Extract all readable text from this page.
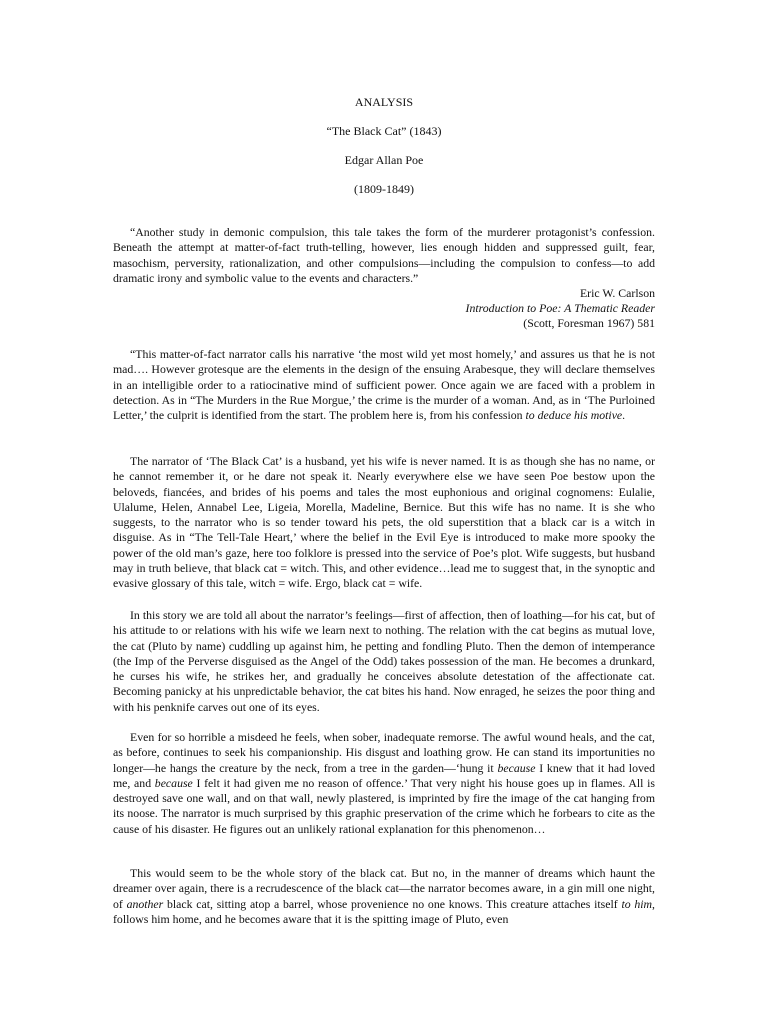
ANALYSIS
“The Black Cat” (1843)
Edgar Allan Poe
(1809-1849)

“Another study in demonic compulsion, this tale takes the form of the murderer protagonist’s confession. Beneath the attempt at matter-of-fact truth-telling, however, lies enough hidden and suppressed guilt, fear, masochism, perversity, rationalization, and other compulsions—including the compulsion to confess—to add dramatic irony and symbolic value to the events and characters.”

Eric W. Carlson
Introduction to Poe: A Thematic Reader
(Scott, Foresman 1967) 581

“This matter-of-fact narrator calls his narrative ‘the most wild yet most homely,’ and assures us that he is not mad…. However grotesque are the elements in the design of the ensuing Arabesque, they will declare themselves in an intelligible order to a ratiocinative mind of sufficient power. Once again we are faced with a problem in detection. As in “The Murders in the Rue Morgue,’ the crime is the murder of a woman. And, as in ‘The Purloined Letter,’ the culprit is identified from the start. The problem here is, from his confession to deduce his motive.

The narrator of ‘The Black Cat’ is a husband, yet his wife is never named. It is as though she has no name, or he cannot remember it, or he dare not speak it. Nearly everywhere else we have seen Poe bestow upon the beloveds, fiancées, and brides of his poems and tales the most euphonious and original cognomens: Eulalie, Ulalume, Helen, Annabel Lee, Ligeia, Morella, Madeline, Bernice. But this wife has no name. It is she who suggests, to the narrator who is so tender toward his pets, the old superstition that a black car is a witch in disguise. As in “The Tell-Tale Heart,’ where the belief in the Evil Eye is introduced to make more spooky the power of the old man’s gaze, here too folklore is pressed into the service of Poe’s plot. Wife suggests, but husband may in truth believe, that black cat = witch. This, and other evidence…lead me to suggest that, in the synoptic and evasive glossary of this tale, witch = wife. Ergo, black cat = wife.

In this story we are told all about the narrator’s feelings—first of affection, then of loathing—for his cat, but of his attitude to or relations with his wife we learn next to nothing. The relation with the cat begins as mutual love, the cat (Pluto by name) cuddling up against him, he petting and fondling Pluto. Then the demon of intemperance (the Imp of the Perverse disguised as the Angel of the Odd) takes possession of the man. He becomes a drunkard, he curses his wife, he strikes her, and gradually he conceives absolute detestation of the affectionate cat. Becoming panicky at his unpredictable behavior, the cat bites his hand. Now enraged, he seizes the poor thing and with his penknife carves out one of its eyes.

Even for so horrible a misdeed he feels, when sober, inadequate remorse. The awful wound heals, and the cat, as before, continues to seek his companionship. His disgust and loathing grow. He can stand its importunities no longer—he hangs the creature by the neck, from a tree in the garden—‘hung it because I knew that it had loved me, and because I felt it had given me no reason of offence.’ That very night his house goes up in flames. All is destroyed save one wall, and on that wall, newly plastered, is imprinted by fire the image of the cat hanging from its noose. The narrator is much surprised by this graphic preservation of the crime which he forbears to cite as the cause of his disaster. He figures out an unlikely rational explanation for this phenomenon…

This would seem to be the whole story of the black cat. But no, in the manner of dreams which haunt the dreamer over again, there is a recrudescence of the black cat—the narrator becomes aware, in a gin mill one night, of another black cat, sitting atop a barrel, whose provenience no one knows. This creature attaches itself to him, follows him home, and he becomes aware that it is the spitting image of Pluto, even
